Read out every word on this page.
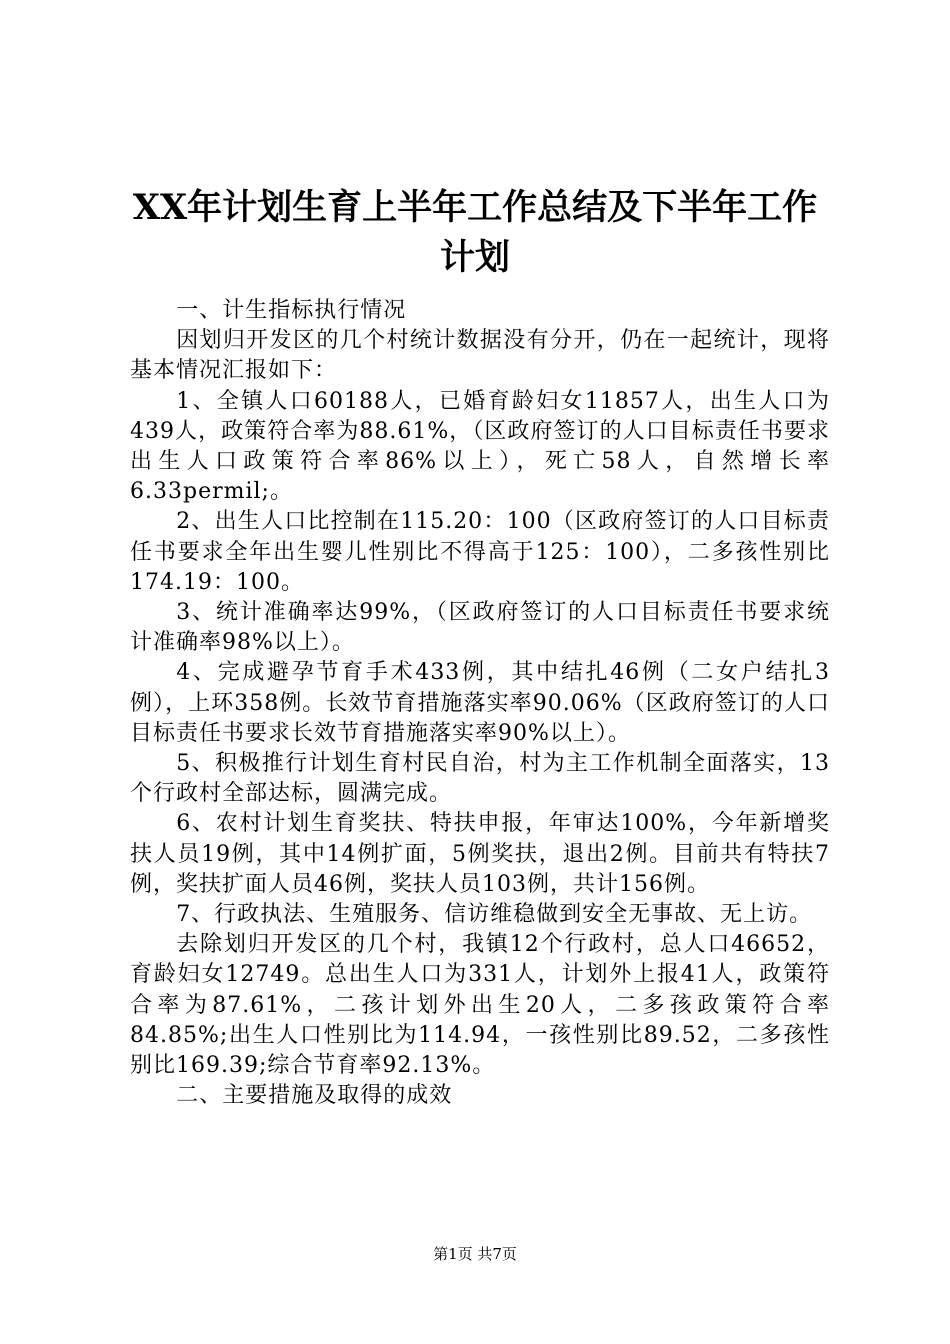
XX年计划生育上半年工作总结及下半年工作
计划

一、计生指标执行情况

因划归开发区的几个村统计数据没有分开，仍在一起统计，现将基本情况汇报如下：

1、全镇人口60188人，已婚育龄妇女11857人，出生人口为439人，政策符合率为88.61%，（区政府签订的人口目标责任书要求出生人口政策符合率86%以上），死亡58人，自然增长率6.33permil;。

2、出生人口比控制在115.20：100（区政府签订的人口目标责任书要求全年出生婴儿性别比不得高于125：100），二多孩性别比174.19：100。

3、统计准确率达99%，（区政府签订的人口目标责任书要求统计准确率98%以上）。

4、完成避孕节育手术433例，其中结扎46例（二女户结扎3例），上环358例。长效节育措施落实率90.06%（区政府签订的人口目标责任书要求长效节育措施落实率90%以上）。

5、积极推行计划生育村民自治，村为主工作机制全面落实，13个行政村全部达标，圆满完成。

6、农村计划生育奖扶、特扶申报，年审达100%，今年新增奖扶人员19例，其中14例扩面，5例奖扶，退出2例。目前共有特扶7例，奖扶扩面人员46例，奖扶人员103例，共计156例。

7、行政执法、生殖服务、信访维稳做到安全无事故、无上访。

去除划归开发区的几个村，我镇12个行政村，总人口46652，育龄妇女12749。总出生人口为331人，计划外上报41人，政策符合率为87.61%，二孩计划外出生20人，二多孩政策符合率84.85%;出生人口性别比为114.94，一孩性别比89.52，二多孩性别比169.39;综合节育率92.13%。

二、主要措施及取得的成效

第1页 共7页
